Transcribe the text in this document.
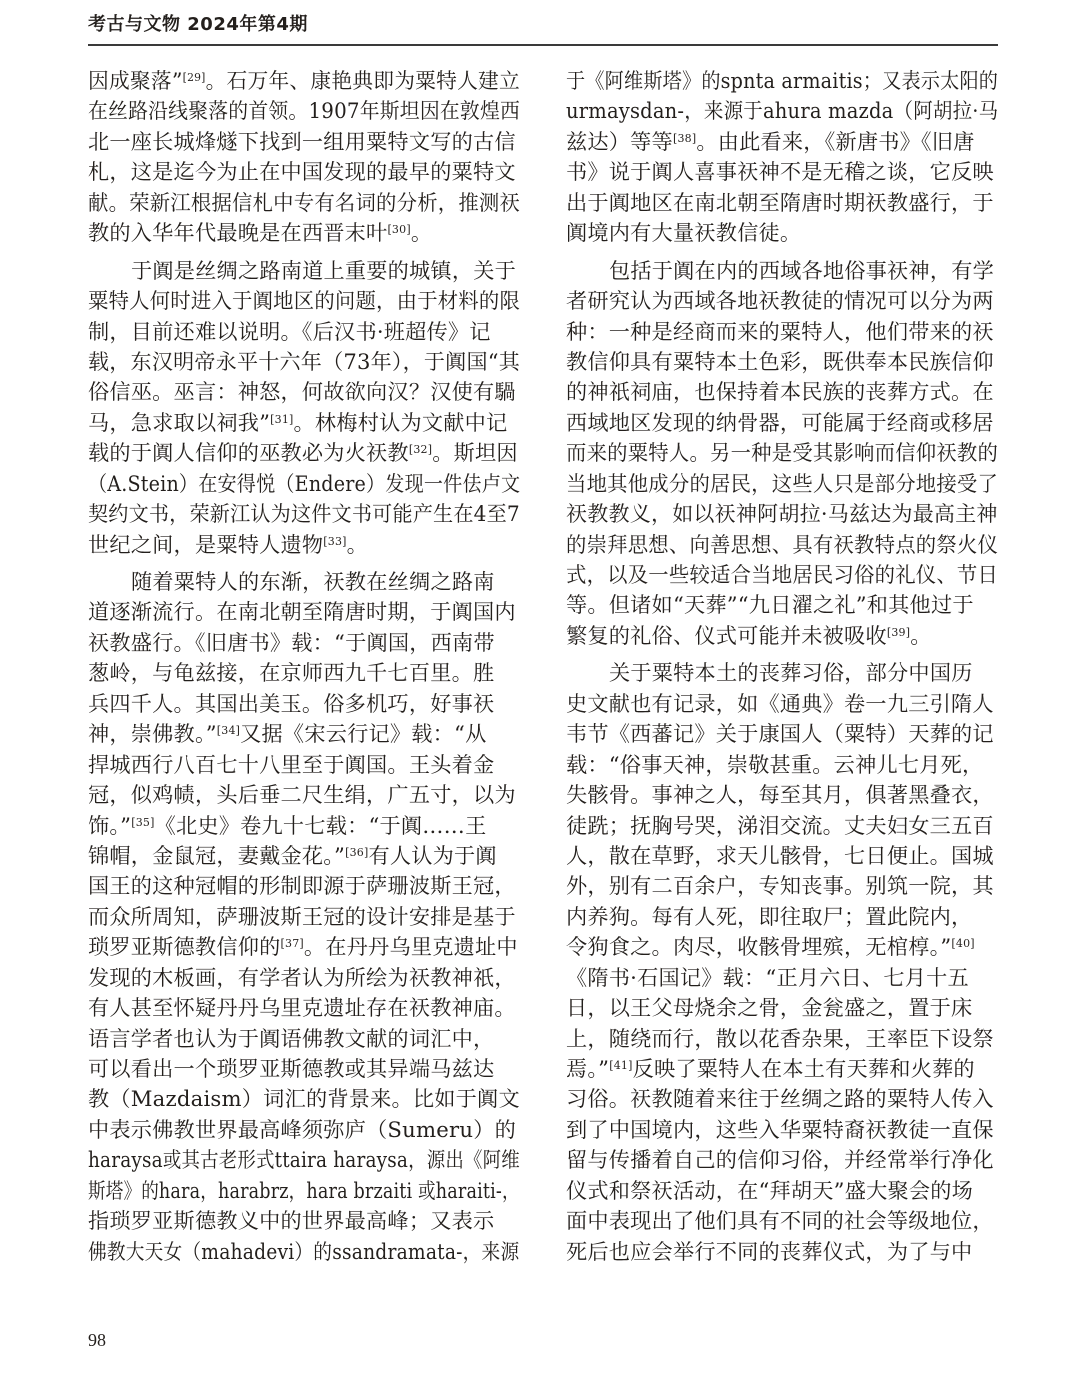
考古与文物 2024年第4期
因成聚落”[29]。石万年、康艳典即为粟特人建立
在丝路沿线聚落的首领。1907年斯坦因在敦煌西
北一座长城烽燧下找到一组用粟特文写的古信
札，这是迄今为止在中国发现的最早的粟特文
献。荣新江根据信札中专有名词的分析，推测祆
教的入华年代最晚是在西晋末叶[30]。
于阗是丝绸之路南道上重要的城镇，关于
粟特人何时进入于阗地区的问题，由于材料的限
制，目前还难以说明。《后汉书·班超传》记
载，东汉明帝永平十六年（73年），于阗国“其
俗信巫。巫言：神怒，何故欲向汉？汉使有騧
马，急求取以祠我”[31]。林梅村认为文献中记
载的于阗人信仰的巫教必为火祆教[32]。斯坦因
（A.Stein）在安得悦（Endere）发现一件佉卢文
契约文书，荣新江认为这件文书可能产生在4至7
世纪之间，是粟特人遗物[33]。
随着粟特人的东渐，祆教在丝绸之路南
道逐渐流行。在南北朝至隋唐时期，于阗国内
祆教盛行。《旧唐书》载：“于阗国，西南带
葱岭，与龟兹接，在京师西九千七百里。胜
兵四千人。其国出美玉。俗多机巧，好事祆
神，崇佛教。”[34]又据《宋云行记》载：“从
捍城西行八百七十八里至于阗国。王头着金
冠，似鸡帻，头后垂二尺生绢，广五寸，以为
饰。”[35]《北史》卷九十七载：“于阗……王
锦帽，金鼠冠，妻戴金花。”[36]有人认为于阗
国王的这种冠帽的形制即源于萨珊波斯王冠，
而众所周知，萨珊波斯王冠的设计安排是基于
琐罗亚斯德教信仰的[37]。在丹丹乌里克遗址中
发现的木板画，有学者认为所绘为祆教神祇，
有人甚至怀疑丹丹乌里克遗址存在祆教神庙。
语言学者也认为于阗语佛教文献的词汇中，
可以看出一个琐罗亚斯德教或其异端马兹达
教（Mazdaism）词汇的背景来。比如于阗文
中表示佛教世界最高峰须弥庐（Sumeru）的
haraysa或其古老形式ttaira haraysa，源出《阿维
斯塔》的hara，harabrz，hara brzaiti 或haraiti-，
指琐罗亚斯德教义中的世界最高峰；又表示
佛教大天女（mahadevi）的ssandramata-，来源
于《阿维斯塔》的spnta armaitis；又表示太阳的
urmaysdan-，来源于ahura mazda（阿胡拉·马
兹达）等等[38]。由此看来，《新唐书》《旧唐
书》说于阗人喜事祆神不是无稽之谈，它反映
出于阗地区在南北朝至隋唐时期祆教盛行，于
阗境内有大量祆教信徒。
包括于阗在内的西域各地俗事祆神，有学
者研究认为西域各地祆教徒的情况可以分为两
种：一种是经商而来的粟特人，他们带来的祆
教信仰具有粟特本土色彩，既供奉本民族信仰
的神祇祠庙，也保持着本民族的丧葬方式。在
西域地区发现的纳骨器，可能属于经商或移居
而来的粟特人。另一种是受其影响而信仰祆教的
当地其他成分的居民，这些人只是部分地接受了
祆教教义，如以祆神阿胡拉·马兹达为最高主神
的崇拜思想、向善思想、具有祆教特点的祭火仪
式，以及一些较适合当地居民习俗的礼仪、节日
等。但诸如“天葬”“九日濯之礼”和其他过于
繁复的礼俗、仪式可能并未被吸收[39]。
关于粟特本土的丧葬习俗，部分中国历
史文献也有记录，如《通典》卷一九三引隋人
韦节《西蕃记》关于康国人（粟特）天葬的记
载：“俗事天神，崇敬甚重。云神儿七月死，
失骸骨。事神之人，每至其月，俱著黑叠衣，
徒跣；抚胸号哭，涕泪交流。丈夫妇女三五百
人，散在草野，求天儿骸骨，七日便止。国城
外，别有二百余户，专知丧事。别筑一院，其
内养狗。每有人死，即往取尸；置此院内，
令狗食之。肉尽，收骸骨埋殡，无棺椁。”[40]
《隋书·石国记》载：“正月六日、七月十五
日，以王父母烧余之骨，金瓮盛之，置于床
上，随绕而行，散以花香杂果，王率臣下设祭
焉。”[41]反映了粟特人在本土有天葬和火葬的
习俗。祆教随着来往于丝绸之路的粟特人传入
到了中国境内，这些入华粟特裔祆教徒一直保
留与传播着自己的信仰习俗，并经常举行净化
仪式和祭祆活动，在“拜胡天”盛大聚会的场
面中表现出了他们具有不同的社会等级地位，
死后也应会举行不同的丧葬仪式，为了与中
98
